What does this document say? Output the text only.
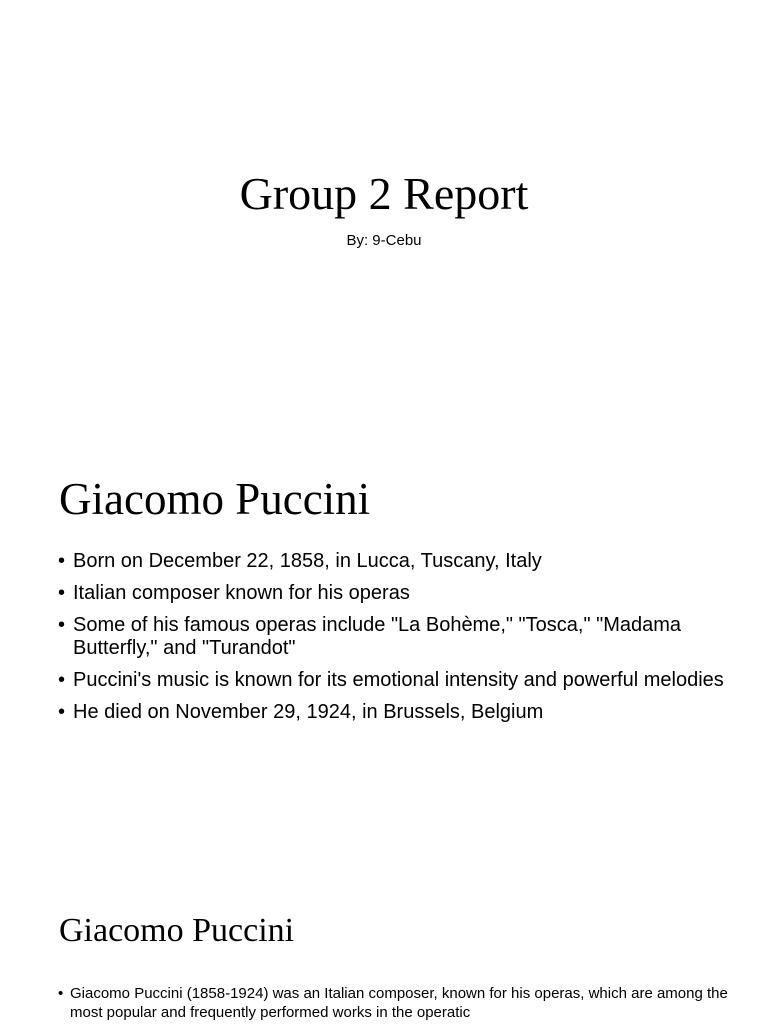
Group 2 Report
By: 9-Cebu
Giacomo Puccini
• Born on December 22, 1858, in Lucca, Tuscany, Italy
• Italian composer known for his operas
• Some of his famous operas include "La Bohème," "Tosca," "Madama Butterfly," and "Turandot"
• Puccini's music is known for its emotional intensity and powerful melodies
• He died on November 29, 1924, in Brussels, Belgium
Giacomo Puccini
• Giacomo Puccini (1858-1924) was an Italian composer, known for his operas, which are among the most popular and frequently performed works in the operatic
